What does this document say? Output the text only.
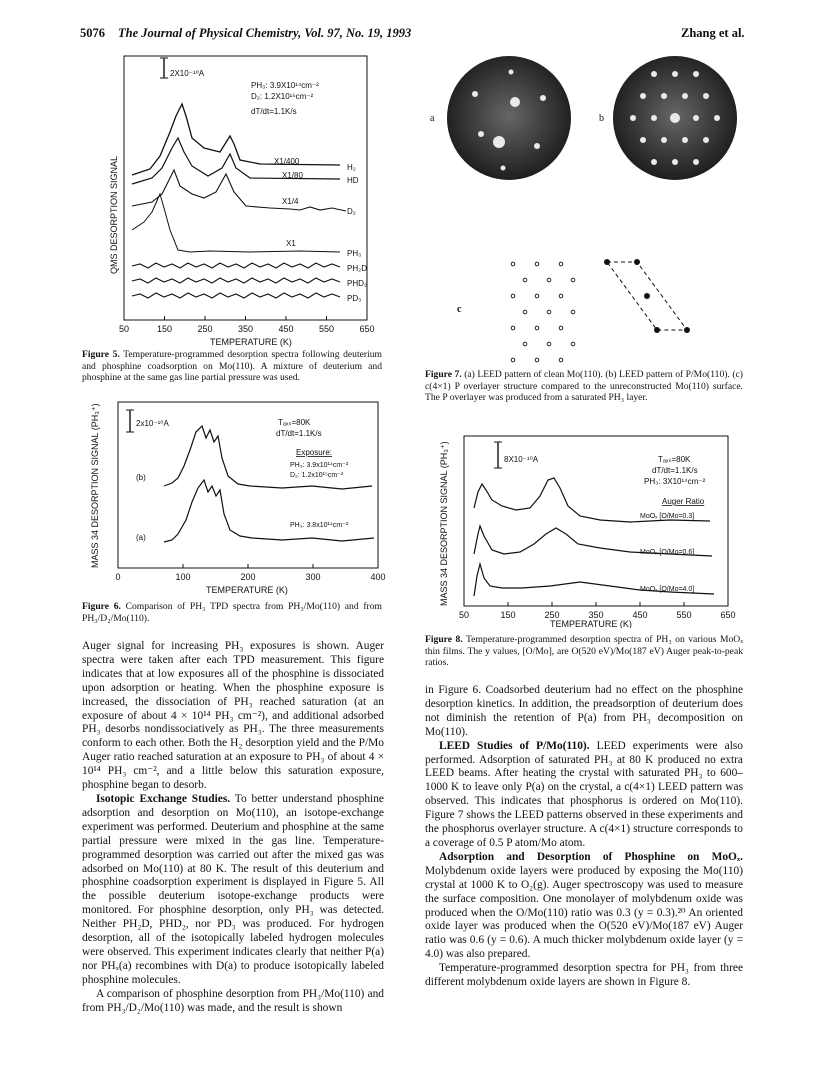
5076 The Journal of Physical Chemistry, Vol. 97, No. 19, 1993	Zhang et al.
2X10⁻¹⁰A
PH₃: 3.9X10¹⁴cm⁻²
D₂: 1.2X10¹⁵cm⁻²
dT/dt=1.1K/s
X1/400
X1/80
X1/4
X1
H₂
HD
D₂
PH₃
PH₂D
PHD₂
PD₃
50	150	250	350	450	550	650
QMS DESORPTION SIGNAL
TEMPERATURE (K)
Figure 5. Temperature-programmed desorption spectra following deuterium and phosphine coadsorption on Mo(110). A mixture of deuterium and phosphine at the same gas line partial pressure was used.
2x10⁻¹⁰A	Tₐₓₛ=80K
dT/dt=1.1K/s
Exposure:
PH₃: 3.9x10¹⁴cm⁻²
D₂: 1.2x10¹⁵cm⁻²
PH₃: 3.8x10¹⁴cm⁻²
(b)
(a)
0	100	200	300	400
MASS 34 DESORPTION SIGNAL (PH₃⁺)
TEMPERATURE (K)
Figure 6. Comparison of PH₃ TPD spectra from PH₃/Mo(110) and from PH₃/D₂/Mo(110).
a	b
c
Figure 7. (a) LEED pattern of clean Mo(110). (b) LEED pattern of P/Mo(110). (c) c(4×1) P overlayer structure compared to the unreconstructed Mo(110) surface. The P overlayer was produced from a saturated PH₃ layer.
8X10⁻¹⁰A	Tₐₓₛ=80K
dT/dt=1.1K/s
PH₃: 3X10¹⁴cm⁻²
Auger Ratio
MoOₓ [O/Mo=0.3]
MoOₓ [O/Mo=0.6]
MoOₓ [O/Mo=4.0]
50	150	250	350	450	550	650
MASS 34 DESORPTION SIGNAL (PH₃⁺)
TEMPERATURE (K)
Figure 8. Temperature-programmed desorption spectra of PH₃ on various MoOₓ thin films. The y values, [O/Mo], are O(520 eV)/Mo(187 eV) Auger peak-to-peak ratios.

Auger signal for increasing PH₃ exposures is shown. Auger spectra were taken after each TPD measurement. This figure indicates that at low exposures all of the phosphine is dissociated upon adsorption or heating. When the phosphine exposure is increased, the dissociation of PH₃ reached saturation (at an exposure of about 4 × 10¹⁴ PH₃ cm⁻²), and additional adsorbed PH₃ desorbs nondissociatively as PH₃. The three measurements conform to each other. Both the H₂ desorption yield and the P/Mo Auger ratio reached saturation at an exposure to PH₃ of about 4 × 10¹⁴ PH₃ cm⁻², and a little below this saturation exposure, phosphine began to desorb.

Isotopic Exchange Studies. To better understand phosphine adsorption and desorption on Mo(110), an isotope-exchange experiment was performed. Deuterium and phosphine at the same partial pressure were mixed in the gas line. Temperature-programmed desorption was carried out after the mixed gas was adsorbed on Mo(110) at 80 K. The result of this deuterium and phosphine coadsorption experiment is displayed in Figure 5. All the possible deuterium isotope-exchange products were monitored. For phosphine desorption, only PH₃ was detected. Neither PH₂D, PHD₂, nor PD₃ was produced. For hydrogen desorption, all of the isotopically labeled hydrogen molecules were observed. This experiment indicates clearly that neither P(a) nor PHₓ(a) recombines with D(a) to produce isotopically labeled phosphine molecules.

A comparison of phosphine desorption from PH₃/Mo(110) and from PH₃/D₂/Mo(110) was made, and the result is shown

in Figure 6. Coadsorbed deuterium had no effect on the phosphine desorption kinetics. In addition, the preadsorption of deuterium does not diminish the retention of P(a) from PH₃ decomposition on Mo(110).

LEED Studies of P/Mo(110). LEED experiments were also performed. Adsorption of saturated PH₃ at 80 K produced no extra LEED beams. After heating the crystal with saturated PH₃ to 600–1000 K to leave only P(a) on the crystal, a c(4×1) LEED pattern was observed. This indicates that phosphorus is ordered on Mo(110). Figure 7 shows the LEED patterns observed in these experiments and the phosphorus overlayer structure. A c(4×1) structure corresponds to a coverage of 0.5 P atom/Mo atom.

Adsorption and Desorption of Phosphine on MoOₓ. Molybdenum oxide layers were produced by exposing the Mo(110) crystal at 1000 K to O₂(g). Auger spectroscopy was used to measure the surface composition. One monolayer of molybdenum oxide was produced when the O/Mo(110) ratio was 0.3 (y = 0.3).²⁰ An oriented oxide layer was produced when the O(520 eV)/Mo(187 eV) Auger ratio was 0.6 (y = 0.6). A much thicker molybdenum oxide layer (y = 4.0) was also prepared.

Temperature-programmed desorption spectra for PH₃ from three different molybdenum oxide layers are shown in Figure 8.
